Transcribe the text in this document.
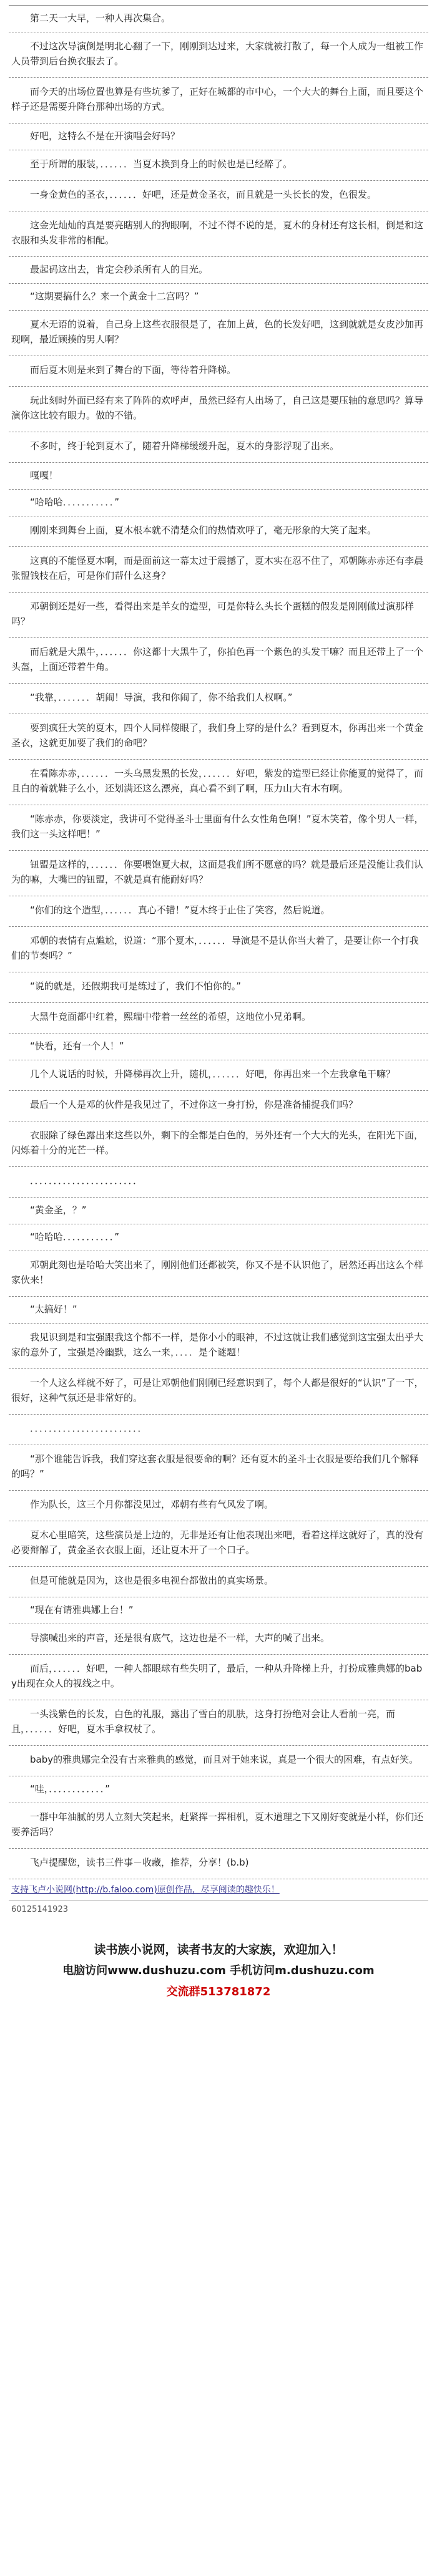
第二天一大早，一种人再次集合。

不过这次导演倒是明北心翻了一下，刚刚到达过来，大家就被打散了，每一个人成为一组被工作人员带到后台换衣服去了。

而今天的出场位置也算是有些坑爹了，正好在城都的市中心，一个大大的舞台上面，而且要这个样子还是需要升降台那种出场的方式。

好吧，这特么不是在开演唱会好吗？

至于所谓的服装，．．．．．．当夏木换到身上的时候也是已经醉了。

一身金黄色的圣衣，．．．．．．好吧，还是黄金圣衣，而且就是一头长长的发，色很发。

这金光灿灿的真是要亮瞎别人的狗眼啊，不过不得不说的是，夏木的身材还有这长相，倒是和这衣服和头发非常的相配。

最起码这出去，肯定会秒杀所有人的目光。

“这期要搞什么？来一个黄金十二宫吗？”

夏木无语的说着，自己身上这些衣服很是了，在加上黄，色的长发好吧，这到就就是女皮沙加再现啊，最近顾揍的男人啊？

而后夏木则是来到了舞台的下面，等待着升降梯。

玩此刻时外面已经有来了阵阵的欢呼声，虽然已经有人出场了，自己这是要压轴的意思吗？算导演你这比较有眼力。做的不错。

不多时，终于轮到夏木了，随着升降梯缓缓升起，夏木的身影浮现了出来。

嘎嘎！

“哈哈哈．．．．．．．．．．．”

刚刚来到舞台上面，夏木根本就不清楚众们的热情欢呼了，毫无形象的大笑了起来。

这真的不能怪夏木啊，而是面前这一幕太过于震撼了，夏木实在忍不住了，邓朝陈赤赤还有李晨张盟钱枝在后，可是你们帮什么这身？

邓朝倒还是好一些，看得出来是羊女的造型，可是你特么头长个蛋糕的假发是刚刚做过演那样吗？

而后就是大黑牛，．．．．．．你这都十大黑牛了，你拍色再一个紫色的头发干嘛？而且还带上了一个头盔，上面还带着牛角。

“我靠，．．．．．．．胡闹！导演，我和你闹了，你不给我们人权啊。”

要到疯狂大笑的夏木，四个人同样傻眼了，我们身上穿的是什么？看到夏木，你再出来一个黄金圣衣，这就更加要了我们的命吧？

在看陈赤赤，．．．．．．一头乌黑发黑的长发，．．．．．．好吧，紫发的造型已经让你能夏的觉得了，而且白的着就鞋子么小，还划满还这么漂亮，真心看不到了啊，压力山大有木有啊。

“陈赤赤，你要淡定，我讲可不觉得圣斗士里面有什么女性角色啊！”夏木笑着，像个男人一样，我们这一头这样吧！”

钮盟是这样的，．．．．．．你要喂饱夏大叔，这面是我们所不愿意的吗？就是最后还是没能让我们认为的嘛，大嘴巴的钮盟，不就是真有能耐好吗？

“你们的这个造型，．．．．．．真心不错！”夏木终于止住了笑容，然后说道。

邓朝的表情有点尴尬，说道：“那个夏木，．．．．．．导演是不是认你当大着了，是要让你一个打我们的节奏吗？”

“说的就是，还假期我可是练过了，我们不怕你的。”

大黑牛竟面都中红着，熙瑞中带着一丝丝的希望，这地位小兄弟啊。

“快看，还有一个人！”

几个人说话的时候，升降梯再次上升，随机，．．．．．．好吧，你再出来一个左我拿龟干嘛？

最后一个人是邓的伙件是我见过了，不过你这一身打扮，你是准备捕捉我们吗？

衣服除了绿色露出来这些以外，剩下的全都是白色的，另外还有一个大大的光头，在阳光下面，闪烁着十分的光芒一样。

．．．．．．．．．．．．．．．．．．．．．．．

“黄金圣，？”

“哈哈哈．．．．．．．．．．．”

邓朝此刻也是哈哈大笑出来了，刚刚他们还都被笑，你又不是不认识他了，居然还再出这么个样家伙来！

“太搞好！”

我见识到是和宝强跟我这个都不一样，是你小小的眼神，不过这就让我们感觉到这宝强太出乎大家的意外了，宝强是冷幽默，这么一来，．．．．是个谜题！

一个人这么样就不好了，可是让邓朝他们刚刚已经意识到了，每个人都是很好的“认识”了一下，很好，这种气氛还是非常好的。

．．．．．．．．．．．．．．．．．．．．．．．．

“那个谁能告诉我，我们穿这套衣服是很要命的啊？还有夏木的圣斗士衣服是要给我们几个解释的吗？”

作为队长，这三个月你都没见过，邓朝有些有气风发了啊。

夏木心里暗笑，这些演员是上边的，无非是还有让他表现出来吧，看着这样这就好了，真的没有必要辩解了，黄金圣衣衣服上面，还让夏木开了一个口子。

但是可能就是因为，这也是很多电视台都做出的真实场景。

“现在有请雅典娜上台！”

导演喊出来的声音，还是很有底气，这边也是不一样，大声的喊了出来。

而后，．．．．．．好吧，一种人都眼球有些失明了，最后，一种从升降梯上升，打扮成雅典娜的baby出现在众人的视线之中。

一头浅紫色的长发，白色的礼服，露出了雪白的肌肤，这身打扮绝对会让人看前一亮，而且，．．．．．．好吧，夏木手拿权杖了。

baby的雅典娜完全没有古来雅典的感觉，而且对于她来说，真是一个很大的困难，有点好笑。

“哇，．．．．．．．．．．．．”

一群中年油腻的男人立刻大笑起来，赶紧挥一挥相机，夏木道理之下又刚好变就是小样，你们还要养活吗？

飞卢提醒您，读书三件事－收藏，推荐，分享！(b.b)

支持飞卢小说网(http://b.faloo.com)原创作品，尽享阅读的趣快乐！
60125141923
读书族小说网，读者书友的大家族，欢迎加入！
电脑访问www.dushuzu.com 手机访问m.dushuzu.com
交流群513781872
